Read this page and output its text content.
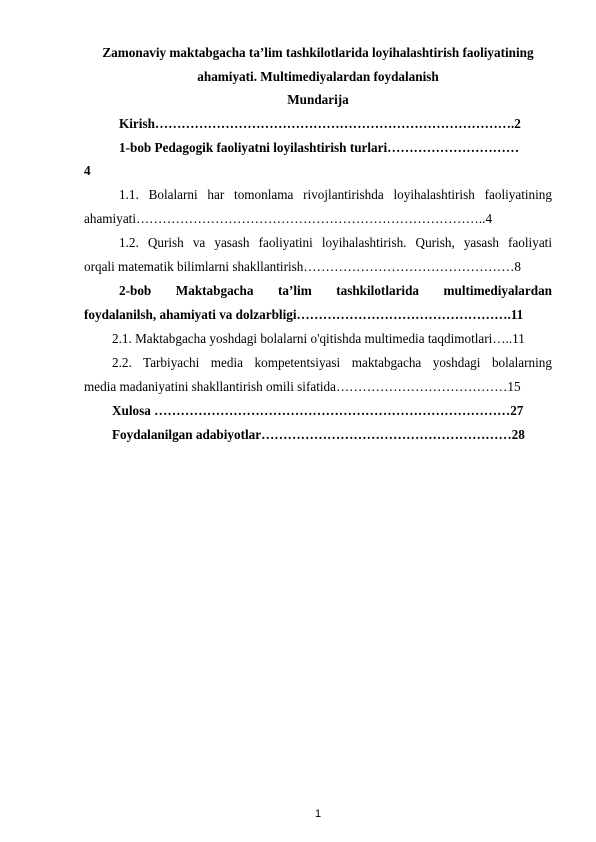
Zamonaviy maktabgacha ta’lim tashkilotlarida loyihalashtirish faoliyatining ahamiyati. Multimediyalardan foydalanish
Mundarija
Kirish……………………………………………………………………….2
1-bob Pedagogik faoliyatni loyilashtirish turlari…………………………
4
1.1. Bolalarni har tomonlama rivojlantirishda loyihalashtirish faoliyatining
ahamiyati……………………………………………………………………..4
1.2. Qurish va yasash faoliyatini loyihalashtirish. Qurish, yasash faoliyati
orqali matematik bilimlarni shakllantirish…………………………………………8
2-bob Maktabgacha ta’lim tashkilotlarida multimediyalardan
foydalanilsh, ahamiyati va dolzarbligi………………………………………….11
2.1. Maktabgacha yoshdagi bolalarni o'qitishda multimedia taqdimotlari…..11
2.2. Tarbiyachi media kompetentsiyasi maktabgacha yoshdagi bolalarning
media madaniyatini shakllantirish omili sifatida…………………………………15
Xulosa ………………………………………………………………………27
Foydalanilgan adabiyotlar…………………………………………………28
1
